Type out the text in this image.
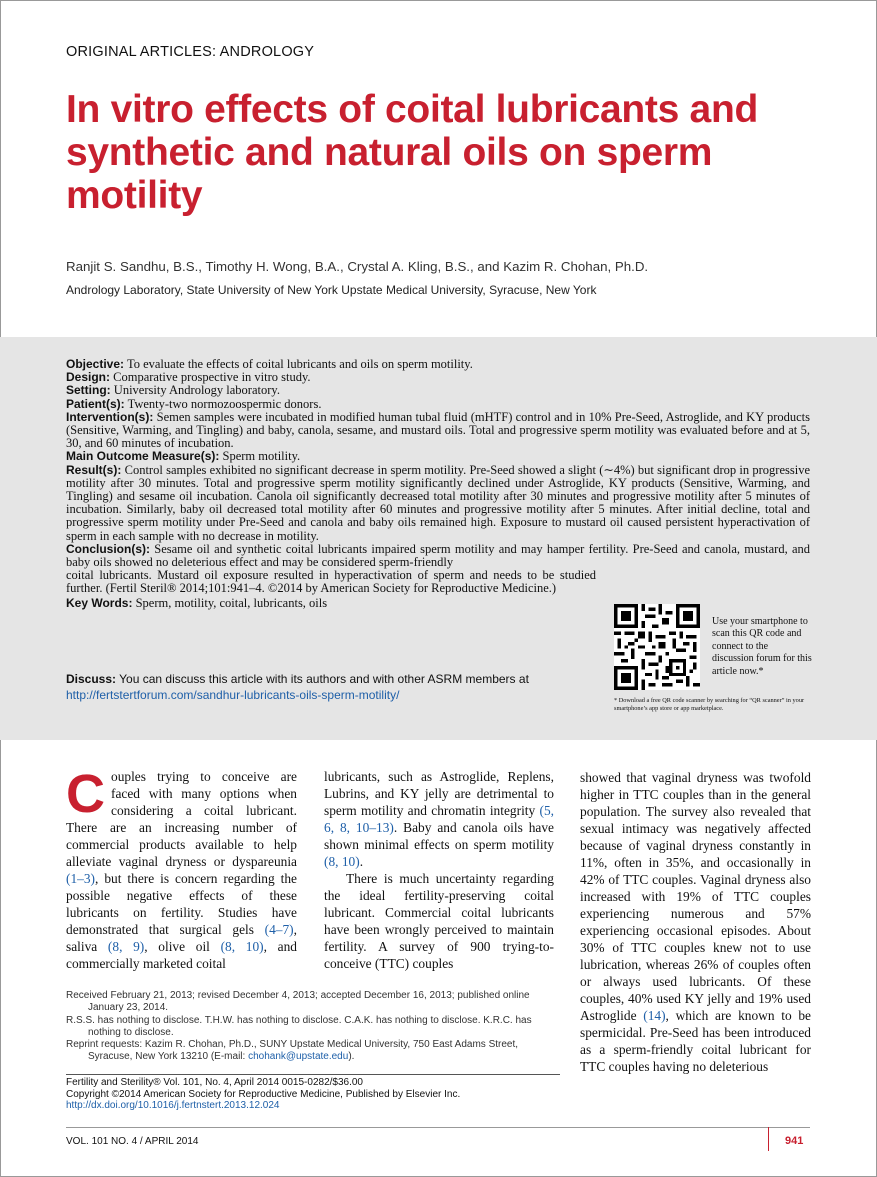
ORIGINAL ARTICLES: ANDROLOGY
In vitro effects of coital lubricants and synthetic and natural oils on sperm motility
Ranjit S. Sandhu, B.S., Timothy H. Wong, B.A., Crystal A. Kling, B.S., and Kazim R. Chohan, Ph.D.
Andrology Laboratory, State University of New York Upstate Medical University, Syracuse, New York

Objective: To evaluate the effects of coital lubricants and oils on sperm motility.

Design: Comparative prospective in vitro study.

Setting: University Andrology laboratory.

Patient(s): Twenty-two normozoospermic donors.

Intervention(s): Semen samples were incubated in modified human tubal fluid (mHTF) control and in 10% Pre-Seed, Astroglide, and KY products (Sensitive, Warming, and Tingling) and baby, canola, sesame, and mustard oils. Total and progressive sperm motility was evaluated before and at 5, 30, and 60 minutes of incubation.

Main Outcome Measure(s): Sperm motility.

Result(s): Control samples exhibited no significant decrease in sperm motility. Pre-Seed showed a slight (∼4%) but significant drop in progressive motility after 30 minutes. Total and progressive sperm motility significantly declined under Astroglide, KY products (Sensitive, Warming, and Tingling) and sesame oil incubation. Canola oil significantly decreased total motility after 30 minutes and progressive motility after 5 minutes of incubation. Similarly, baby oil decreased total motility after 60 minutes and progressive motility after 5 minutes. After initial decline, total and progressive sperm motility under Pre-Seed and canola and baby oils remained high. Exposure to mustard oil caused persistent hyperactivation of sperm in each sample with no decrease in motility.

Conclusion(s): Sesame oil and synthetic coital lubricants impaired sperm motility and may hamper fertility. Pre-Seed and canola, mustard, and baby oils showed no deleterious effect and may be considered sperm-friendly

coital lubricants. Mustard oil exposure resulted in hyperactivation of sperm and needs to be studied further. (Fertil Steril® 2014;101:941–4. ©2014 by American Society for Reproductive Medicine.)

Key Words: Sperm, motility, coital, lubricants, oils

Discuss: You can discuss this article with its authors and with other ASRM members at http://fertstertforum.com/sandhur-lubricants-oils-sperm-motility/
Use your smartphone to scan this QR code and connect to the discussion forum for this article now.*
* Download a free QR code scanner by searching for “QR scanner” in your smartphone’s app store or app marketplace.

Couples trying to conceive are faced with many options when considering a coital lubricant. There are an increasing number of commercial products available to help alleviate vaginal dryness or dyspareunia (1–3), but there is concern regarding the possible negative effects of these lubricants on fertility. Studies have demonstrated that surgical gels (4–7), saliva (8, 9), olive oil (8, 10), and commercially marketed coital

lubricants, such as Astroglide, Replens, Lubrins, and KY jelly are detrimental to sperm motility and chromatin integrity (5, 6, 8, 10–13). Baby and canola oils have shown minimal effects on sperm motility (8, 10).

There is much uncertainty regarding the ideal fertility-preserving coital lubricant. Commercial coital lubricants have been wrongly perceived to maintain fertility. A survey of 900 trying-to-conceive (TTC) couples

showed that vaginal dryness was twofold higher in TTC couples than in the general population. The survey also revealed that sexual intimacy was negatively affected because of vaginal dryness constantly in 11%, often in 35%, and occasionally in 42% of TTC couples. Vaginal dryness also increased with 19% of TTC couples experiencing numerous and 57% experiencing occasional episodes. About 30% of TTC couples knew not to use lubrication, whereas 26% of couples often or always used lubricants. Of these couples, 40% used KY jelly and 19% used Astroglide (14), which are known to be spermicidal. Pre-Seed has been introduced as a sperm-friendly coital lubricant for TTC couples having no deleterious

Received February 21, 2013; revised December 4, 2013; accepted December 16, 2013; published online January 23, 2014.

R.S.S. has nothing to disclose. T.H.W. has nothing to disclose. C.A.K. has nothing to disclose. K.R.C. has nothing to disclose.

Reprint requests: Kazim R. Chohan, Ph.D., SUNY Upstate Medical University, 750 East Adams Street, Syracuse, New York 13210 (E-mail: chohank@upstate.edu).

Fertility and Sterility® Vol. 101, No. 4, April 2014 0015-0282/$36.00
Copyright ©2014 American Society for Reproductive Medicine, Published by Elsevier Inc.
http://dx.doi.org/10.1016/j.fertnstert.2013.12.024
VOL. 101 NO. 4 / APRIL 2014	941
